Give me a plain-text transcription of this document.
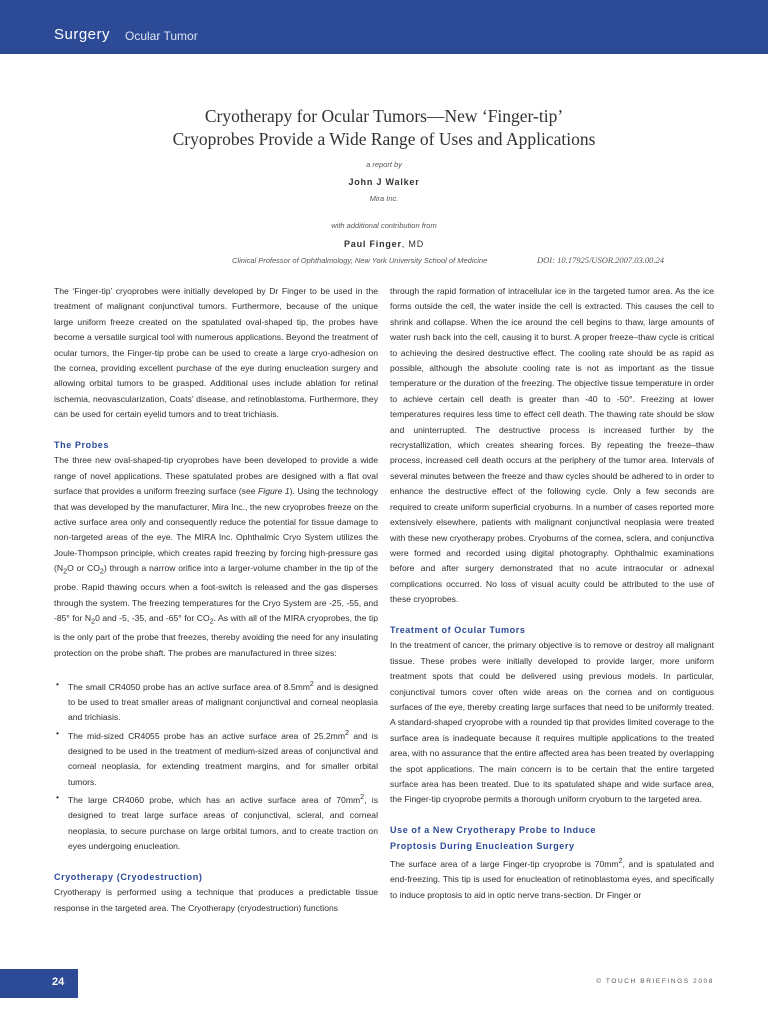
Surgery Ocular Tumor
Cryotherapy for Ocular Tumors—New ‘Finger-tip’
Cryoprobes Provide a Wide Range of Uses and Applications
a report by
John J Walker
Mira Inc.
with additional contribution from
Paul Finger, MD
Clinical Professor of Ophthalmology, New York University School of Medicine	DOI: 10.17925/USOR.2007.03.00.24

The ‘Finger-tip’ cryoprobes were initially developed by Dr Finger to be used in the treatment of malignant conjunctival tumors. Furthermore, because of the unique large uniform freeze created on the spatulated oval-shaped tip, the probes have become a versatile surgical tool with numerous applications. Beyond the treatment of ocular tumors, the Finger-tip probe can be used to create a large cryo-adhesion on the cornea, providing excellent purchase of the eye during enucleation surgery and allowing orbital tumors to be grasped. Additional uses include ablation for retinal ischemia, neovascularization, Coats’ disease, and retinoblastoma. Furthermore, they can be used for certain eyelid tumors and to treat trichiasis.

The Probes

The three new oval-shaped-tip cryoprobes have been developed to provide a wide range of novel applications. These spatulated probes are designed with a flat oval surface that provides a uniform freezing surface (see Figure 1). Using the technology that was developed by the manufacturer, Mira Inc., the new cryoprobes freeze on the active surface area only and consequently reduce the potential for tissue damage to non-targeted areas of the eye. The MIRA Inc. Ophthalmic Cryo System utilizes the Joule-Thompson principle, which creates rapid freezing by forcing high-pressure gas ($N_2O$ or $CO_2$) through a narrow orifice into a larger-volume chamber in the tip of the probe. Rapid thawing occurs when a foot-switch is released and the gas disperses through the system. The freezing temperatures for the Cryo System are -25, -55, and -85° for $N_20$ and -5, -35, and -65° for $CO_2$. As with all of the MIRA cryoprobes, the tip is the only part of the probe that freezes, thereby avoiding the need for any insulating protection on the probe shaft. The probes are manufactured in three sizes:

• The small CR4050 probe has an active surface area of $8.5mm^2$ and is designed to be used to treat smaller areas of malignant conjunctival and corneal neoplasia and trichiasis.
• The mid-sized CR4055 probe has an active surface area of $25.2mm^2$ and is designed to be used in the treatment of medium-sized areas of conjunctival and corneal neoplasia, for extending treatment margins, and for smaller orbital tumors.
• The large CR4060 probe, which has an active surface area of $70mm^2$, is designed to treat large surface areas of conjunctival, scleral, and corneal neoplasia, to secure purchase on large orbital tumors, and to create traction on eyes undergoing enucleation.
Cryotherapy (Cryodestruction)

Cryotherapy is performed using a technique that produces a predictable tissue response in the targeted area. The Cryotherapy (cryodestruction) functions

through the rapid formation of intracellular ice in the targeted tumor area. As the ice forms outside the cell, the water inside the cell is extracted. This causes the cell to shrink and collapse. When the ice around the cell begins to thaw, large amounts of water rush back into the cell, causing it to burst. A proper freeze–thaw cycle is critical to achieving the desired destructive effect. The cooling rate should be as rapid as possible, although the absolute cooling rate is not as important as the tissue temperature or the duration of the freezing. The objective tissue temperature in order to achieve certain cell death is greater than -40 to -50°. Freezing at lower temperatures requires less time to effect cell death. The thawing rate should be slow and uninterrupted. The destructive process is increased further by the recrystallization, which creates shearing forces. By repeating the freeze–thaw process, increased cell death occurs at the periphery of the tumor area. Intervals of several minutes between the freeze and thaw cycles should be adhered to in order to enhance the destructive effect of the following cycle. Only a few seconds are required to create uniform superficial cryoburns. In a number of cases reported more extensively elsewhere, patients with malignant conjunctival neoplasia were treated with these new cryotherapy probes. Cryoburns of the cornea, sclera, and conjunctiva were formed and recorded using digital photography. Ophthalmic examinations before and after surgery demonstrated that no acute intraocular or adnexal complications occurred. No loss of visual acuity could be attributed to the use of these cryoprobes.

Treatment of Ocular Tumors

In the treatment of cancer, the primary objective is to remove or destroy all malignant tissue. These probes were initially developed to provide larger, more uniform treatment spots that could be delivered using previous models. In particular, conjunctival tumors cover often wide areas on the cornea and on contiguous surfaces of the eye, thereby creating large surfaces that need to be uniformly treated. A standard-shaped cryoprobe with a rounded tip that provides limited coverage to the surface area is inadequate because it requires multiple applications to the treated area, with no assurance that the entire affected area has been treated by overlapping the spot applications. The main concern is to be certain that the entire targeted surface area has been treated. Due to its spatulated shape and wide surface area, the Finger-tip cryoprobe permits a thorough uniform cryoburn to the targeted area.

Use of a New Cryotherapy Probe to Induce
Proptosis During Enucleation Surgery

The surface area of a large Finger-tip cryoprobe is $70mm^2$, and is spatulated and end-freezing. This tip is used for enucleation of retinoblastoma eyes, and specifically to induce proptosis to aid in optic nerve trans-section. Dr Finger or

24	© TOUCH BRIEFINGS 2008
